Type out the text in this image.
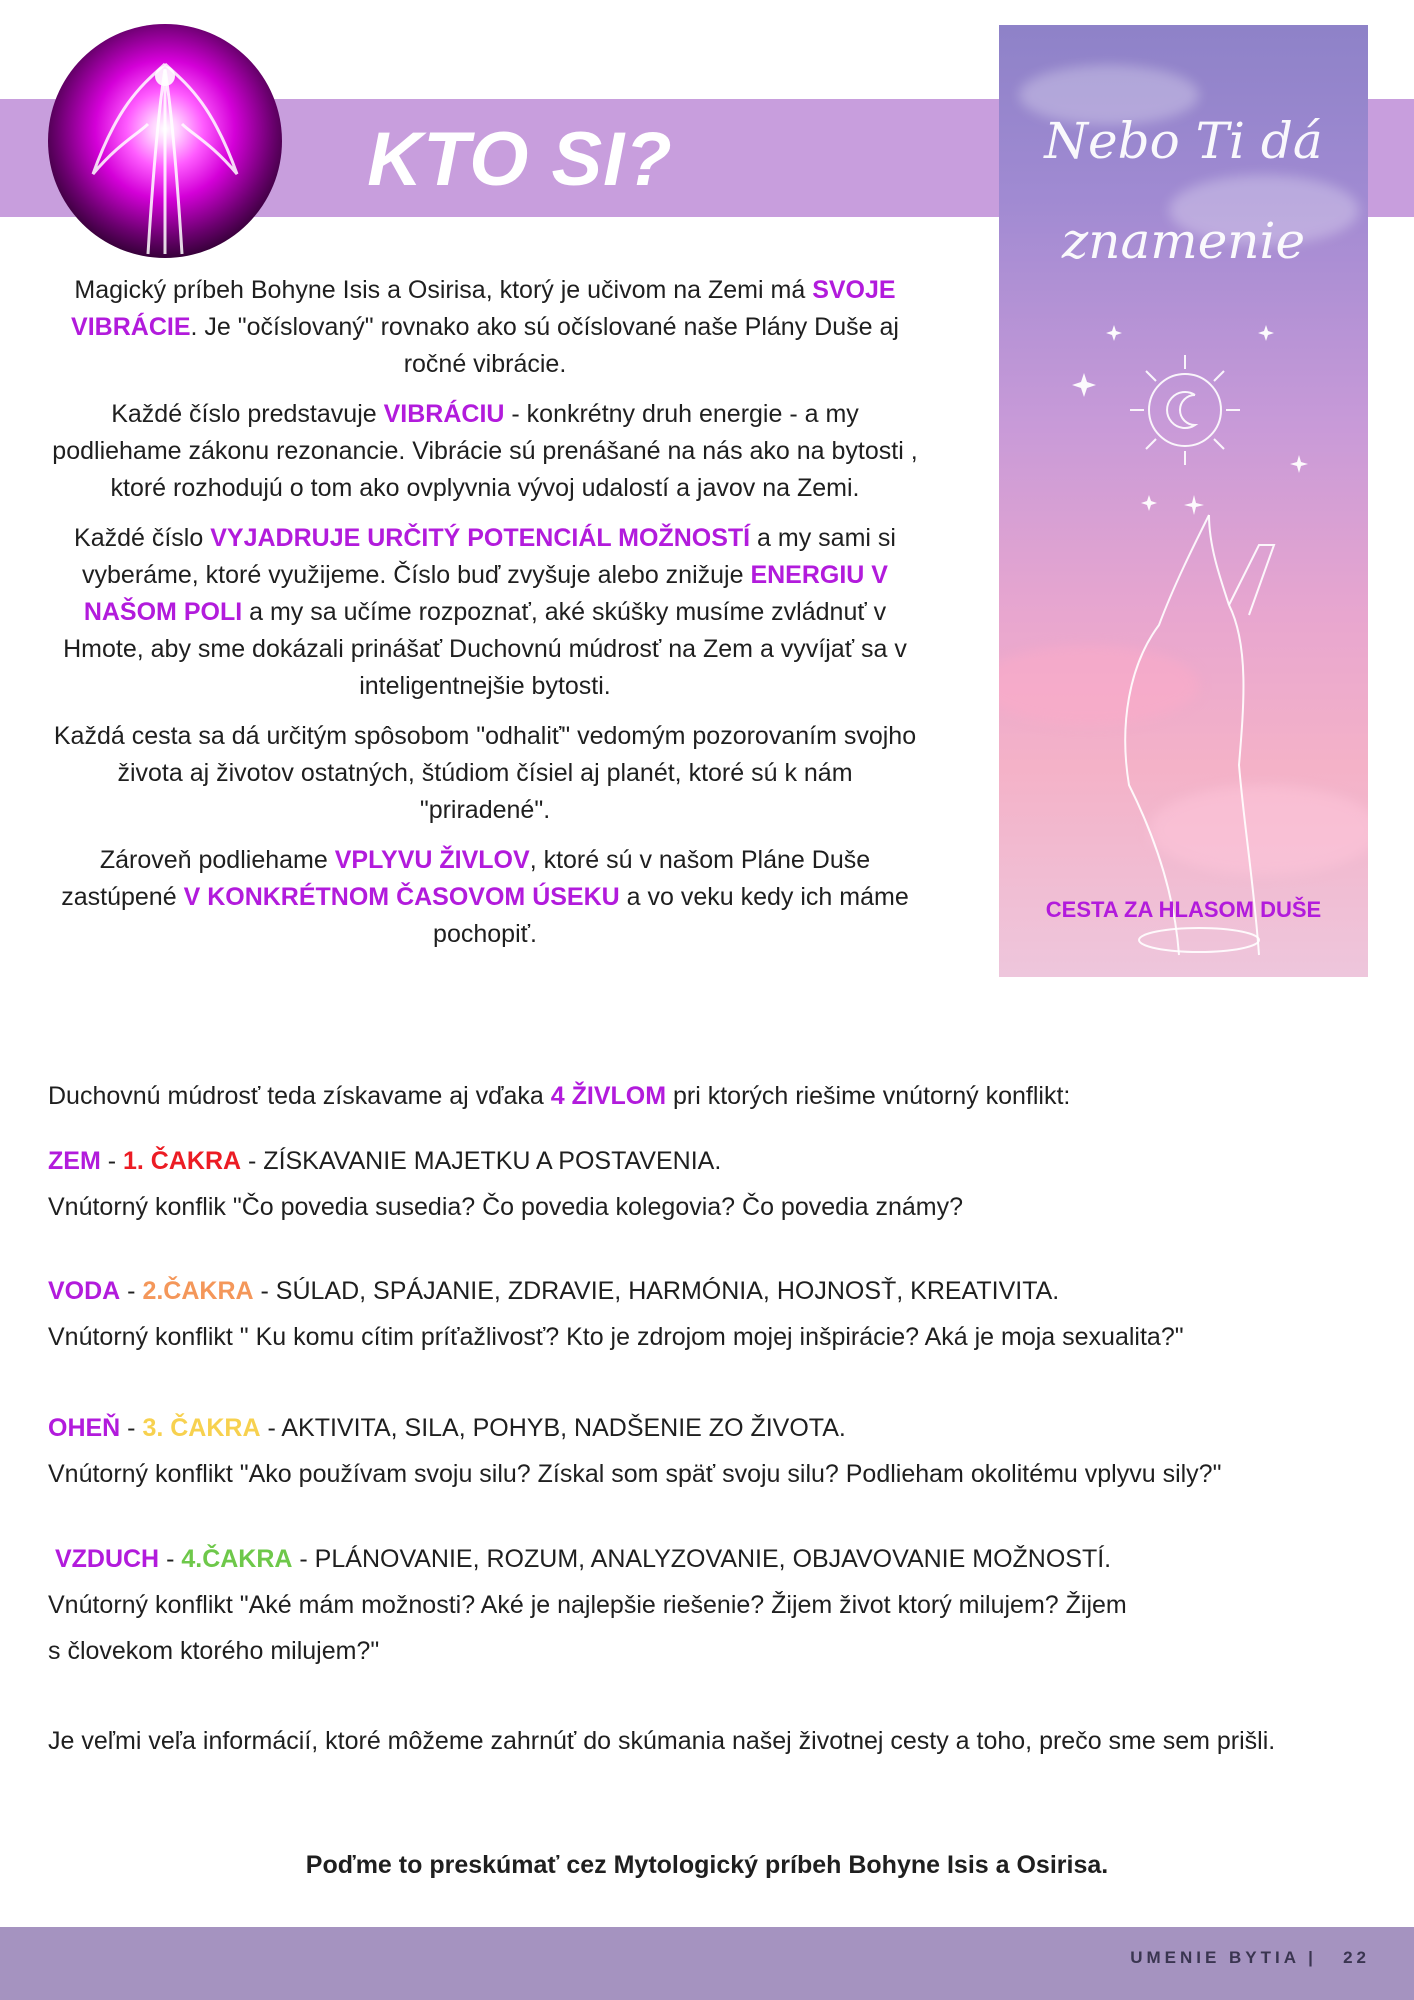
KTO SI?	Nebo Ti dá
znamenie
CESTA ZA HLASOM DUŠE

Magický príbeh Bohyne Isis a Osirisa, ktorý je učivom na Zemi má SVOJE VIBRÁCIE. Je "očíslovaný" rovnako ako sú očíslované naše Plány Duše aj ročné vibrácie.

Každé číslo predstavuje VIBRÁCIU - konkrétny druh energie - a my podliehame zákonu rezonancie. Vibrácie sú prenášané na nás ako na bytosti , ktoré rozhodujú o tom ako ovplyvnia vývoj udalostí a javov na Zemi.

Každé číslo VYJADRUJE URČITÝ POTENCIÁL MOŽNOSTÍ a my sami si vyberáme, ktoré využijeme. Číslo buď zvyšuje alebo znižuje ENERGIU V NAŠOM POLI a my sa učíme rozpoznať, aké skúšky musíme zvládnuť v Hmote, aby sme dokázali prinášať Duchovnú múdrosť na Zem a vyvíjať sa v inteligentnejšie bytosti.

Každá cesta sa dá určitým spôsobom "odhaliť" vedomým pozorovaním svojho života aj životov ostatných, štúdiom čísiel aj planét, ktoré sú k nám "priradené".

Zároveň podliehame VPLYVU ŽIVLOV, ktoré sú v našom Pláne Duše zastúpené V KONKRÉTNOM ČASOVOM ÚSEKU a vo veku kedy ich máme pochopiť.

Duchovnú múdrosť teda získavame aj vďaka 4 ŽIVLOM pri ktorých riešime vnútorný konflikt:
ZEM - 1. ČAKRA - ZÍSKAVANIE MAJETKU A POSTAVENIA.
Vnútorný konflik "Čo povedia susedia? Čo povedia kolegovia? Čo povedia známy?
VODA - 2.ČAKRA - SÚLAD, SPÁJANIE, ZDRAVIE, HARMÓNIA, HOJNOSŤ, KREATIVITA.
Vnútorný konflikt " Ku komu cítim príťažlivosť? Kto je zdrojom mojej inšpirácie? Aká je moja sexualita?"
OHEŇ - 3. ČAKRA - AKTIVITA, SILA, POHYB, NADŠENIE ZO ŽIVOTA.
Vnútorný konflikt "Ako používam svoju silu? Získal som späť svoju silu? Podlieham okolitému vplyvu sily?"
VZDUCH - 4.ČAKRA - PLÁNOVANIE, ROZUM, ANALYZOVANIE, OBJAVOVANIE MOŽNOSTÍ.
Vnútorný konflikt "Aké mám možnosti? Aké je najlepšie riešenie? Žijem život ktorý milujem? Žijem
s človekom ktorého milujem?"
Je veľmi veľa informácií, ktoré môžeme zahrnúť do skúmania našej životnej cesty a toho, prečo sme sem prišli.
Poďme to preskúmať cez Mytologický príbeh Bohyne Isis a Osirisa.
UMENIE BYTIA | 22
